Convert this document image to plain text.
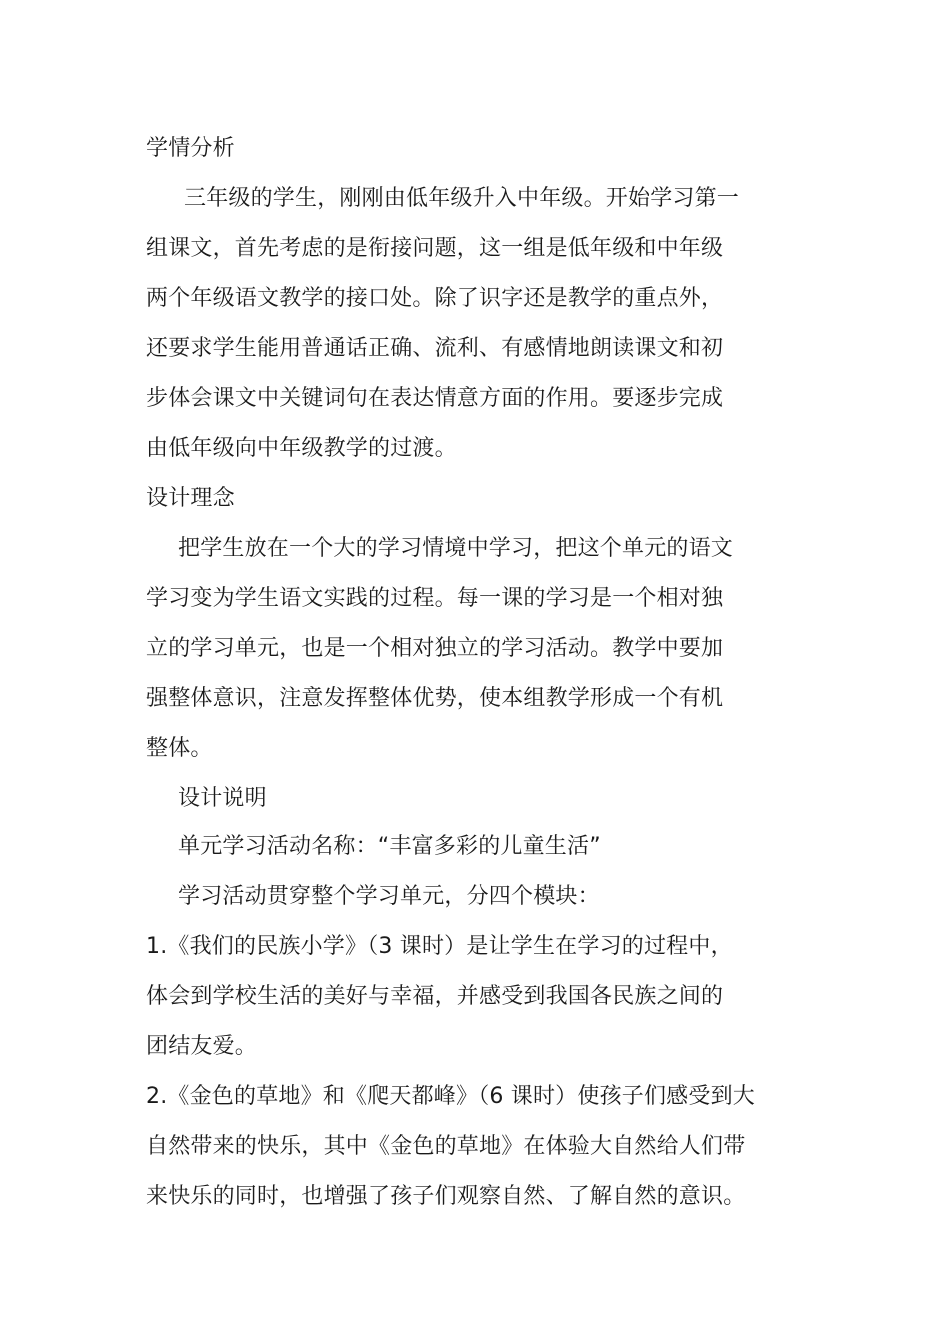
学情分析
三年级的学生，刚刚由低年级升入中年级。开始学习第一
组课文，首先考虑的是衔接问题，这一组是低年级和中年级
两个年级语文教学的接口处。除了识字还是教学的重点外，
还要求学生能用普通话正确、流利、有感情地朗读课文和初
步体会课文中关键词句在表达情意方面的作用。要逐步完成
由低年级向中年级教学的过渡。
设计理念
把学生放在一个大的学习情境中学习，把这个单元的语文
学习变为学生语文实践的过程。每一课的学习是一个相对独
立的学习单元，也是一个相对独立的学习活动。教学中要加
强整体意识，注意发挥整体优势，使本组教学形成一个有机
整体。
设计说明
单元学习活动名称：“丰富多彩的儿童生活”
学习活动贯穿整个学习单元，分四个模块：
1.《我们的民族小学》（3 课时）是让学生在学习的过程中，
体会到学校生活的美好与幸福，并感受到我国各民族之间的
团结友爱。
2.《金色的草地》和《爬天都峰》（6 课时）使孩子们感受到大
自然带来的快乐，其中《金色的草地》在体验大自然给人们带
来快乐的同时，也增强了孩子们观察自然、了解自然的意识。
